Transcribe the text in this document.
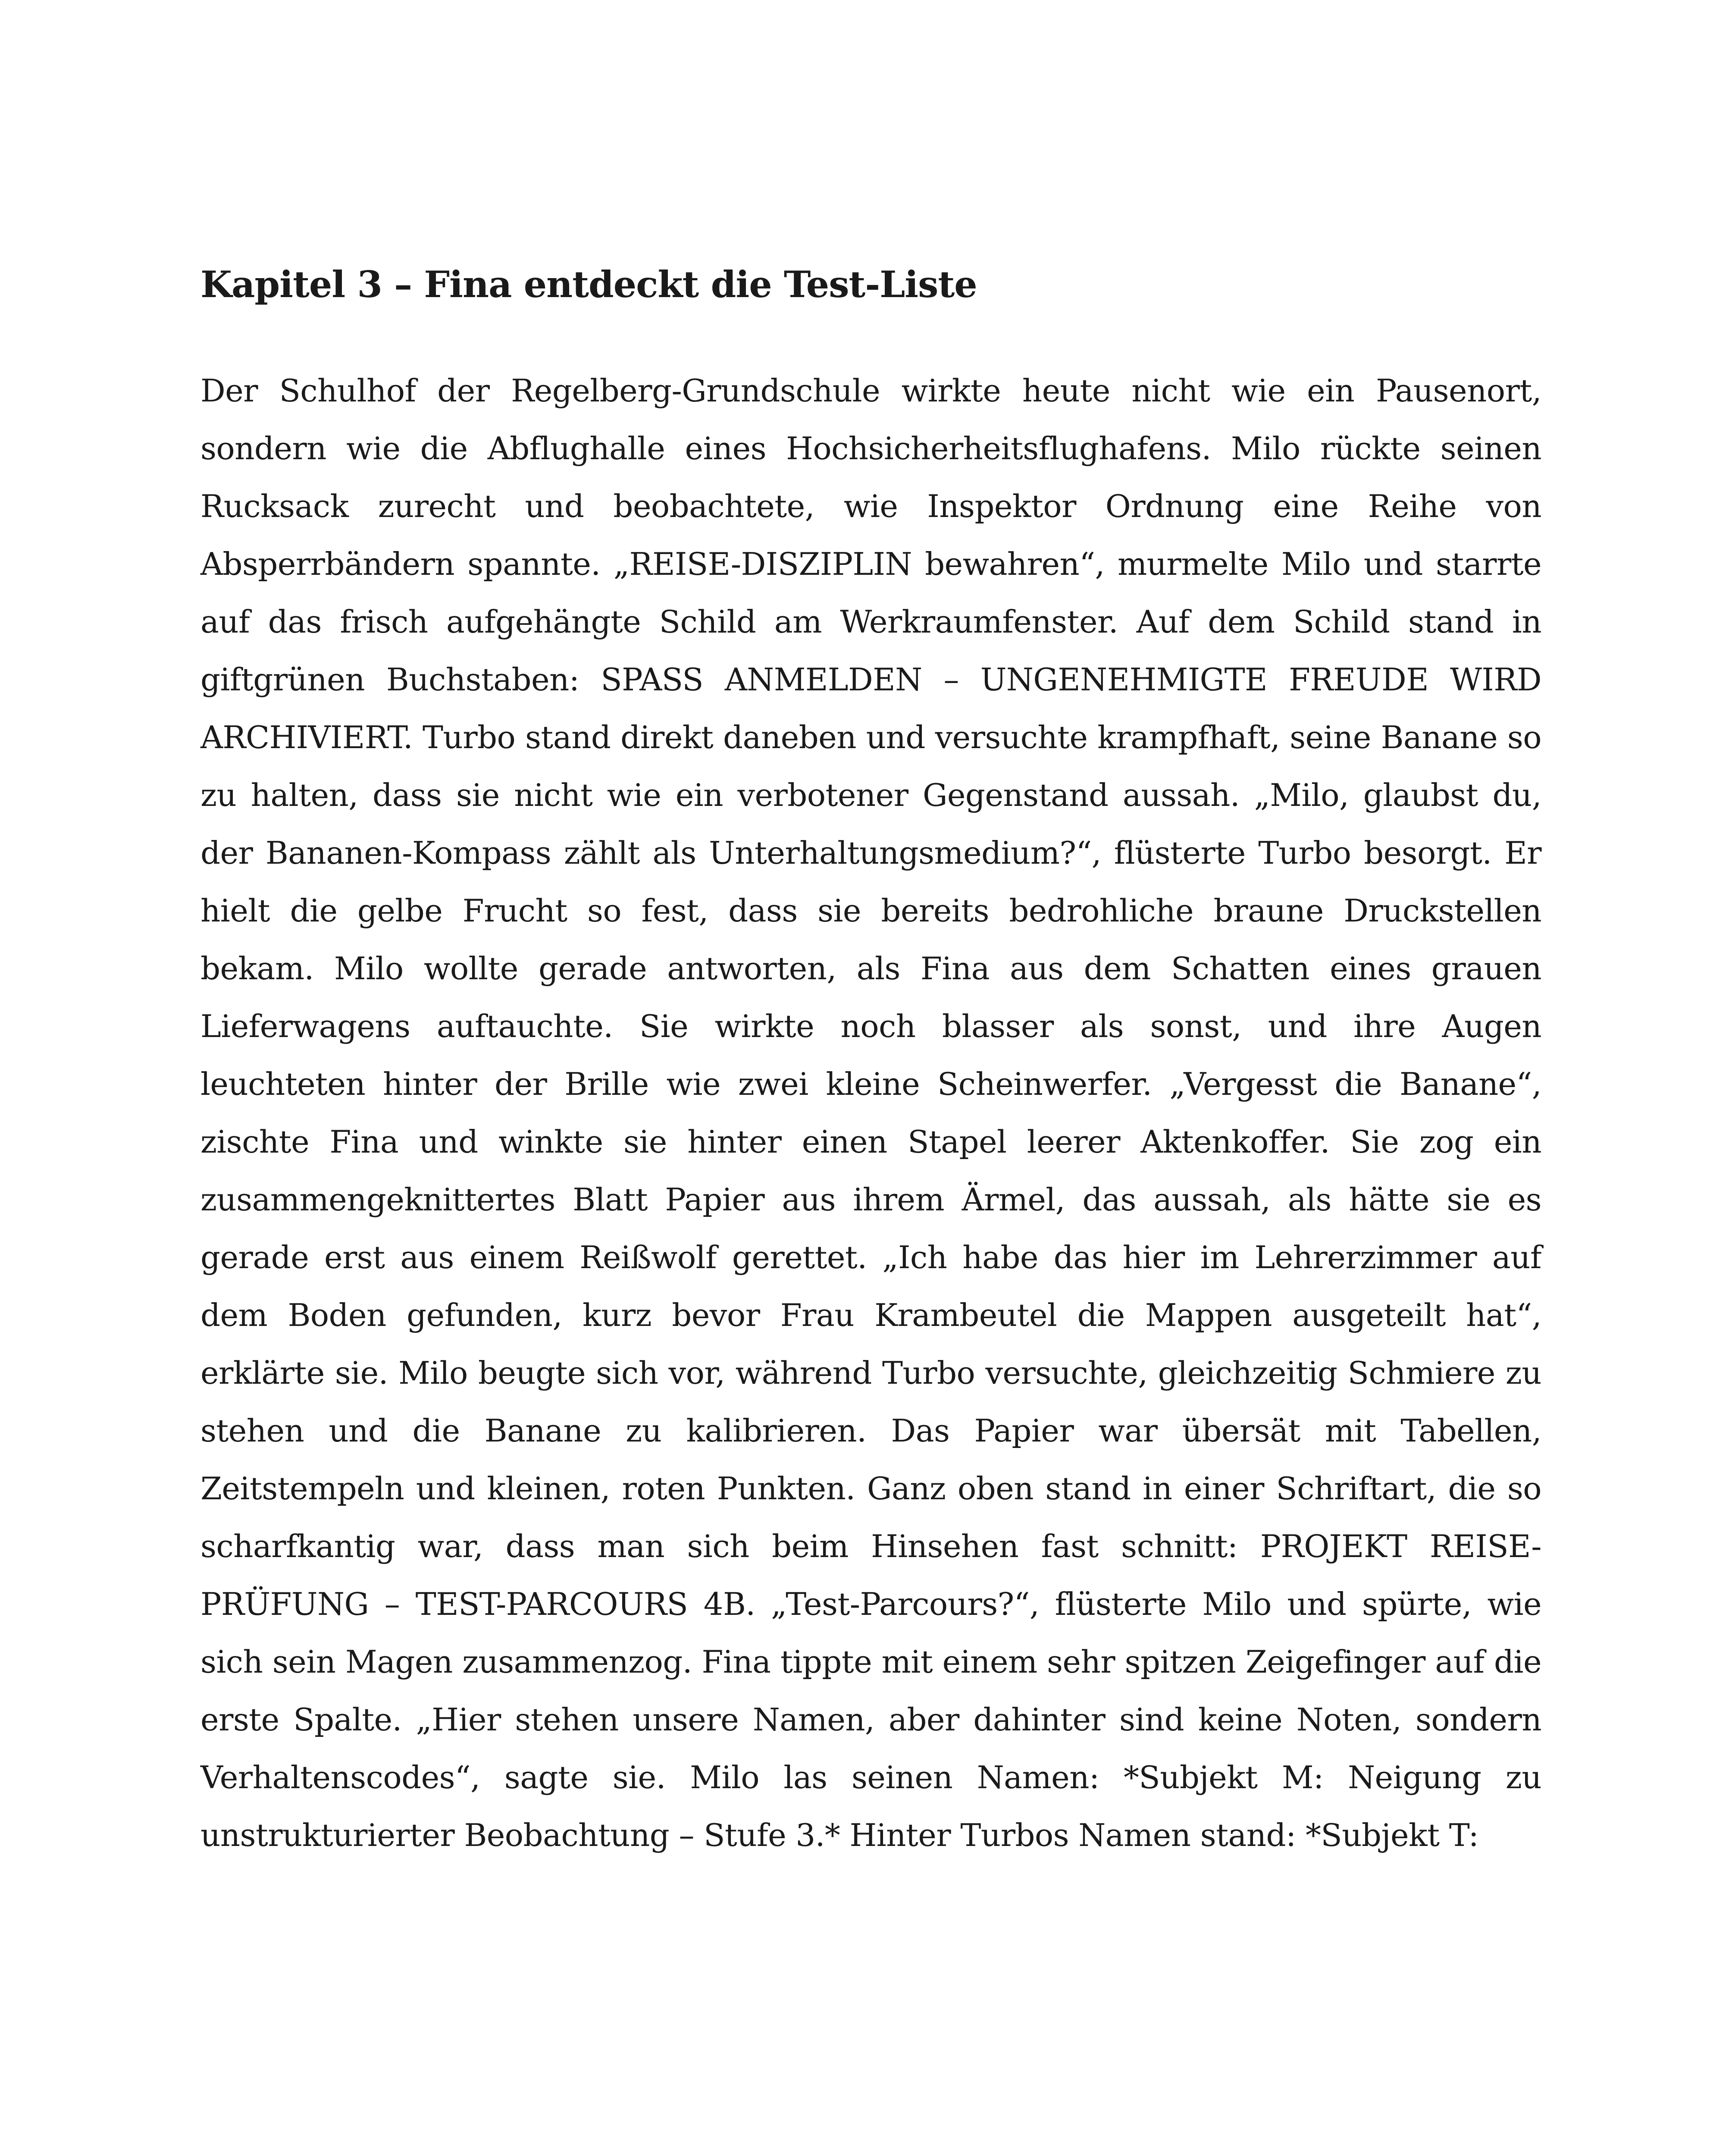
Kapitel 3 – Fina entdeckt die Test-Liste

Der Schulhof der Regelberg-Grundschule wirkte heute nicht wie ein Pausenort, sondern wie die Abflughalle eines Hochsicherheitsflughafens. Milo rückte seinen Rucksack zurecht und beobachtete, wie Inspektor Ordnung eine Reihe von Absperrbändern spannte. „REISE-DISZIPLIN bewahren“, murmelte Milo und starrte auf das frisch aufgehängte Schild am Werkraumfenster. Auf dem Schild stand in giftgrünen Buchstaben: SPASS ANMELDEN – UNGENEHMIGTE FREUDE WIRD ARCHIVIERT. Turbo stand direkt daneben und versuchte krampfhaft, seine Banane so zu halten, dass sie nicht wie ein verbotener Gegenstand aussah. „Milo, glaubst du, der Bananen-Kompass zählt als Unterhaltungsmedium?“, flüsterte Turbo besorgt. Er hielt die gelbe Frucht so fest, dass sie bereits bedrohliche braune Druckstellen bekam. Milo wollte gerade antworten, als Fina aus dem Schatten eines grauen Lieferwagens auftauchte. Sie wirkte noch blasser als sonst, und ihre Augen leuchteten hinter der Brille wie zwei kleine Scheinwerfer. „Vergesst die Banane“, zischte Fina und winkte sie hinter einen Stapel leerer Aktenkoffer. Sie zog ein zusammengeknittertes Blatt Papier aus ihrem Ärmel, das aussah, als hätte sie es gerade erst aus einem Reißwolf gerettet. „Ich habe das hier im Lehrerzimmer auf dem Boden gefunden, kurz bevor Frau Krambeutel die Mappen ausgeteilt hat“, erklärte sie. Milo beugte sich vor, während Turbo versuchte, gleichzeitig Schmiere zu stehen und die Banane zu kalibrieren. Das Papier war übersät mit Tabellen, Zeitstempeln und kleinen, roten Punkten. Ganz oben stand in einer Schriftart, die so scharfkantig war, dass man sich beim Hinsehen fast schnitt: PROJEKT REISE-PRÜFUNG – TEST-PARCOURS 4B. „Test-Parcours?“, flüsterte Milo und spürte, wie sich sein Magen zusammenzog. Fina tippte mit einem sehr spitzen Zeigefinger auf die erste Spalte. „Hier stehen unsere Namen, aber dahinter sind keine Noten, sondern Verhaltenscodes“, sagte sie. Milo las seinen Namen: *Subjekt M: Neigung zu unstrukturierter Beobachtung – Stufe 3.* Hinter Turbos Namen stand: *Subjekt T:
